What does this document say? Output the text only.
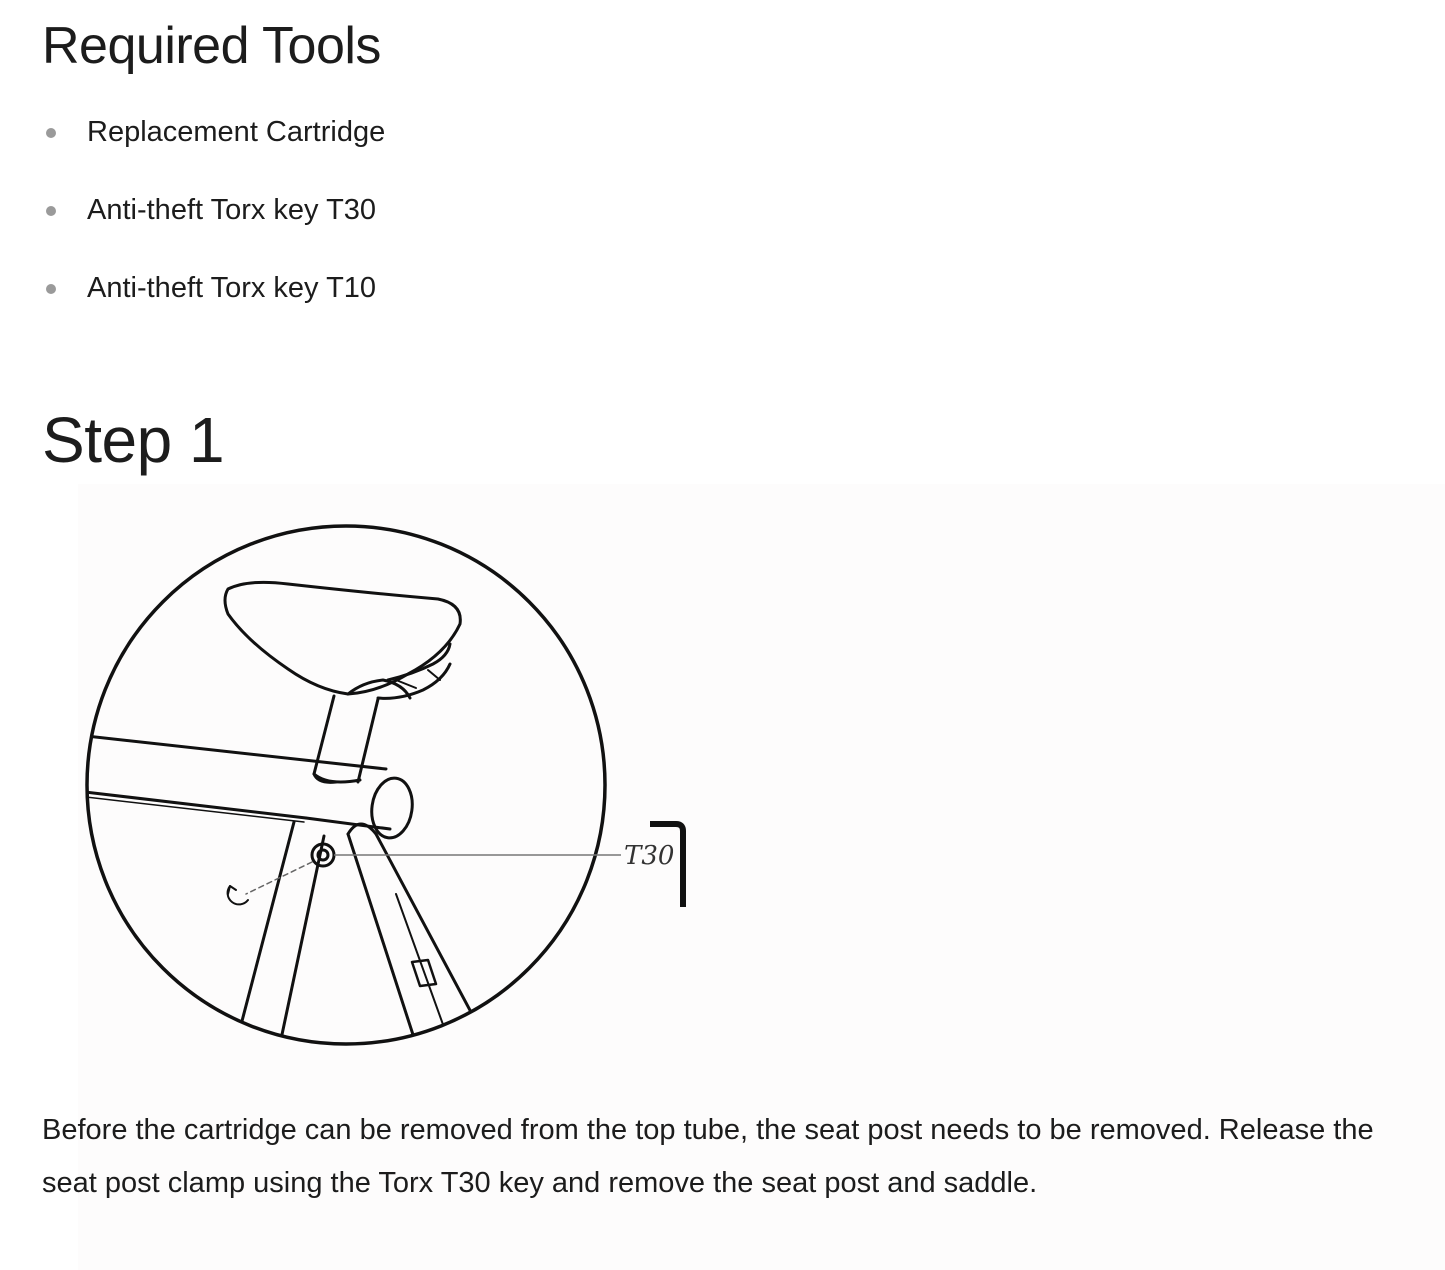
Required Tools
Replacement Cartridge
Anti-theft Torx key T30
Anti-theft Torx key T10
Step 1
T30

Before the cartridge can be removed from the top tube, the seat post needs to be removed. Release the seat post clamp using the Torx T30 key and remove the seat post and saddle.
